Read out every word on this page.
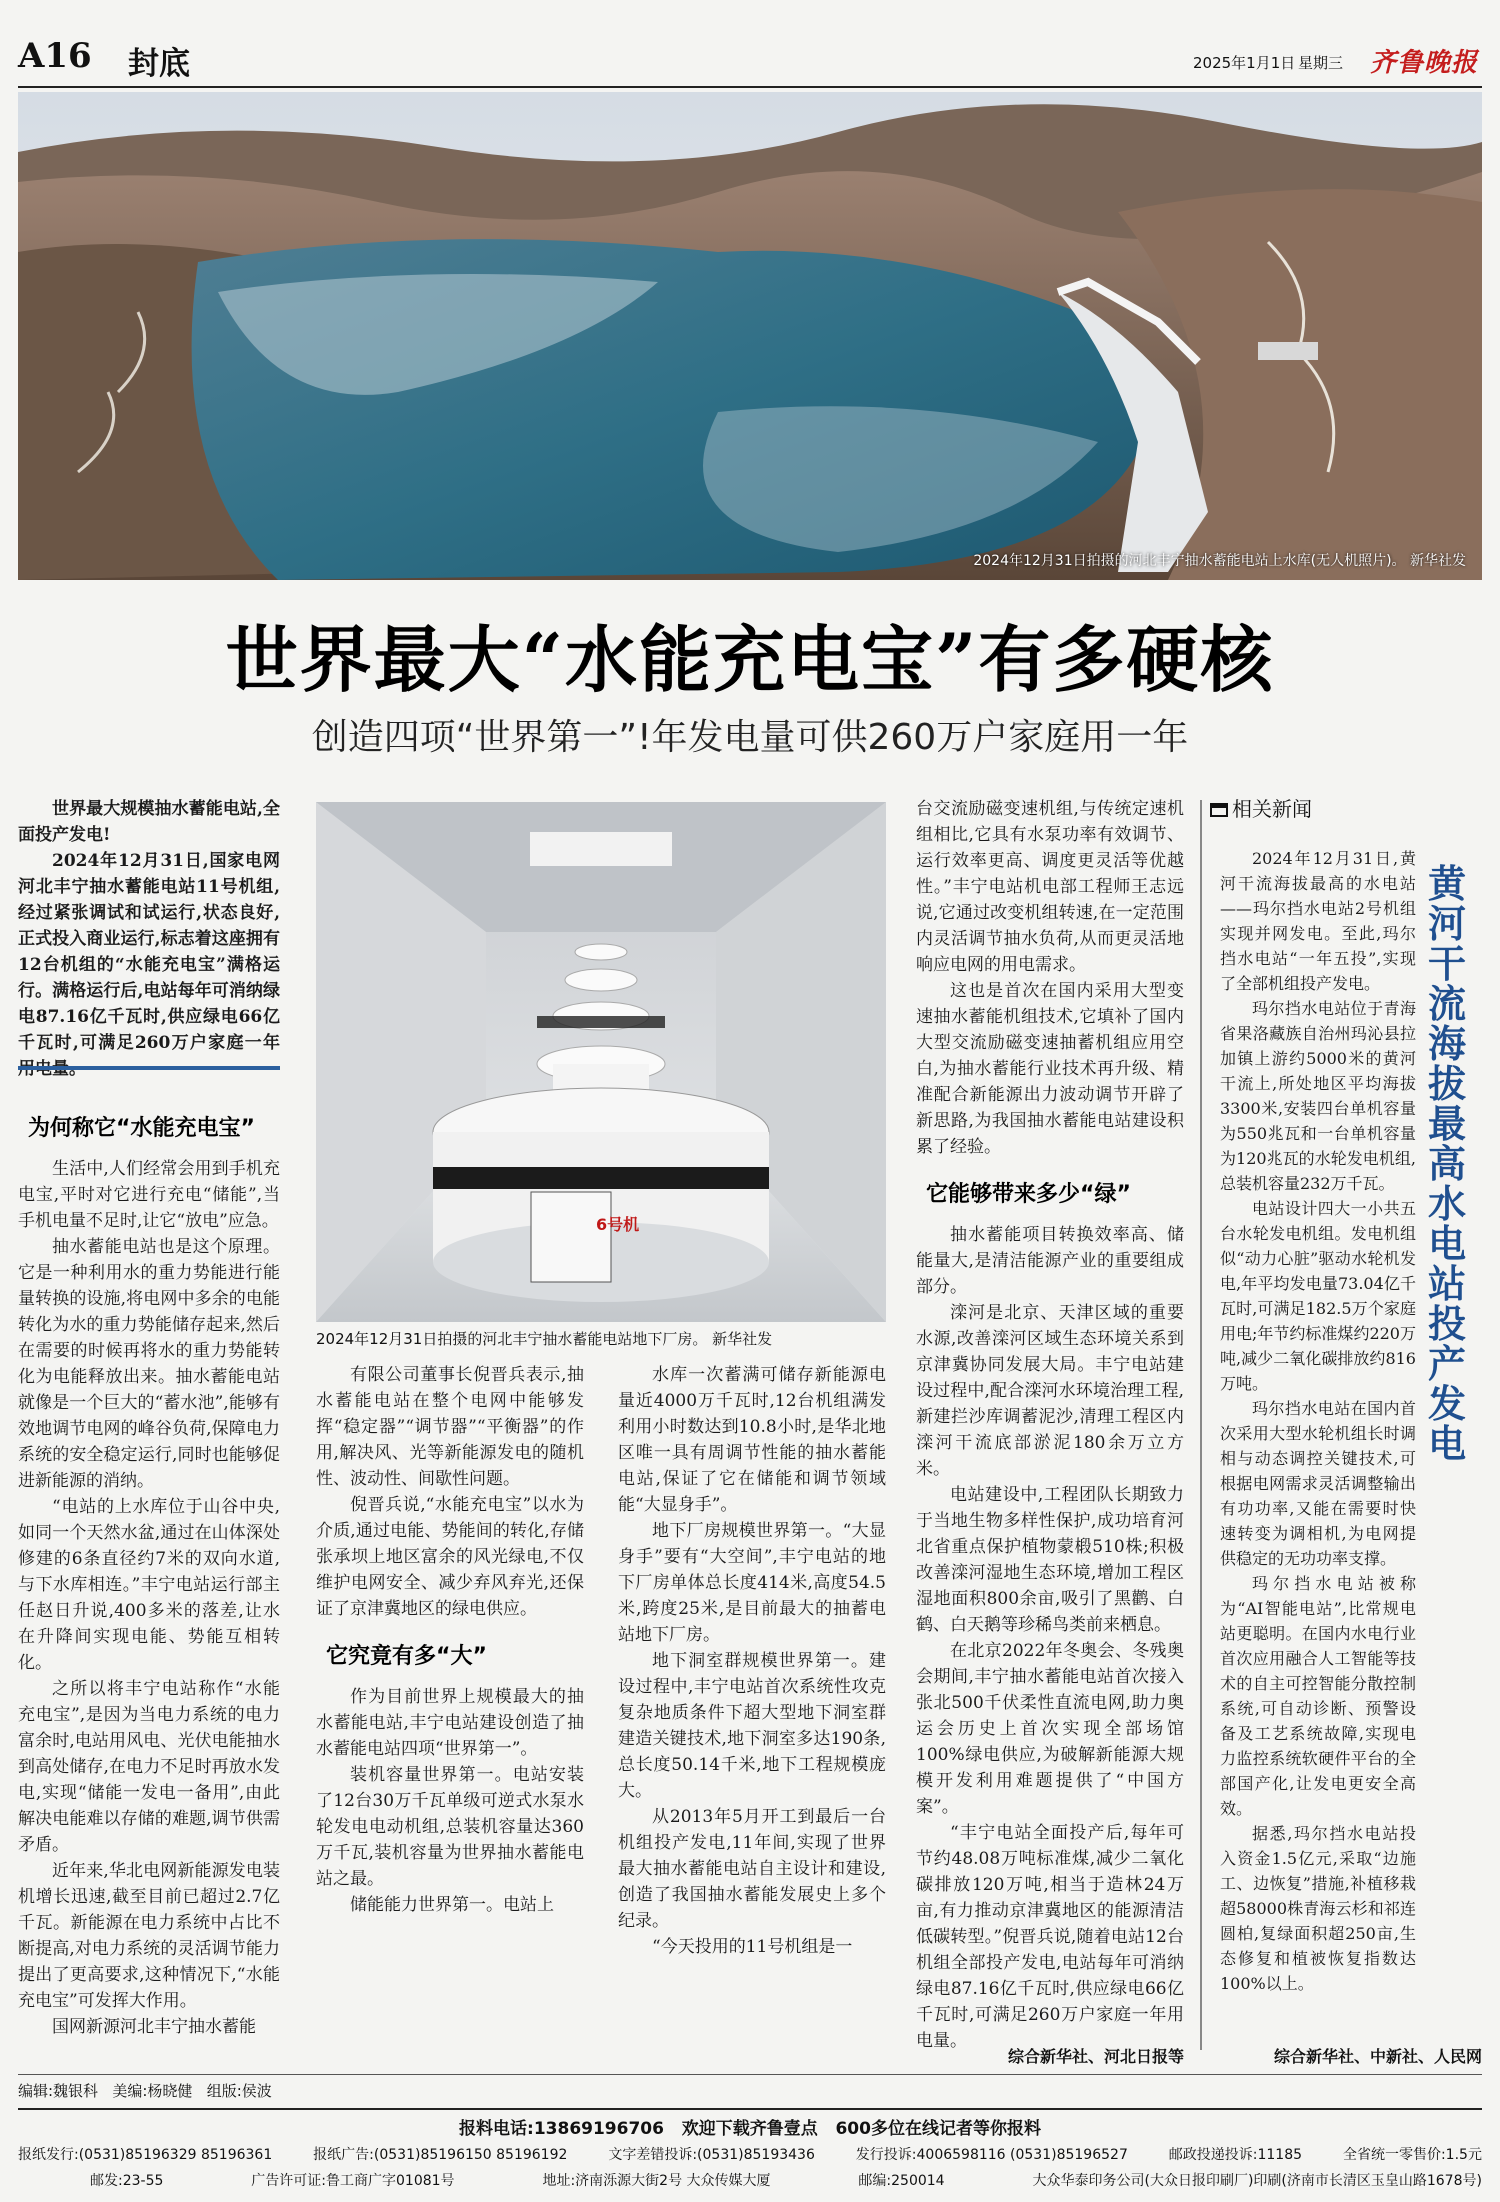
A16 封底	2025年1月1日 星期三 齐鲁晚报
2024年12月31日拍摄的河北丰宁抽水蓄能电站上水库(无人机照片)。 新华社发
世界最大“水能充电宝”有多硬核
创造四项“世界第一”!年发电量可供260万户家庭用一年

世界最大规模抽水蓄能电站,全面投产发电!

2024年12月31日,国家电网河北丰宁抽水蓄能电站11号机组,经过紧张调试和试运行,状态良好,正式投入商业运行,标志着这座拥有12台机组的“水能充电宝”满格运行。满格运行后,电站每年可消纳绿电87.16亿千瓦时,供应绿电66亿千瓦时,可满足260万户家庭一年

为何称它“水能充电宝”

生活中,人们经常会用到手机充电宝,平时对它进行充电“储能”,当手机电量不足时,让它“放电”应急。

抽水蓄能电站也是这个原理。它是一种利用水的重力势能进行能量转换的设施,将电网中多余的电能转化为水的重力势能储存起来,然后在需要的时候再将水的重力势能转化为电能释放出来。抽水蓄能电站就像是一个巨大的“蓄水池”,能够有效地调节电网的峰谷负荷,保障电力系统的安全稳定运行,同时也能够促进新能源的消纳。

“电站的上水库位于山谷中央,如同一个天然水盆,通过在山体深处修建的6条直径约7米的双向水道,与下水库相连。”丰宁电站运行部主任赵日升说,400多米的落差,让水在升降间实现电能、势能互相转化。

之所以将丰宁电站称作“水能充电宝”,是因为当电力系统的电力富余时,电站用风电、光伏电能抽水到高处储存,在电力不足时再放水发电,实现“储能一发电一备用”,由此解决电能难以存储的难题,调节供需矛盾。

近年来,华北电网新能源发电装机增长迅速,截至目前已超过2.7亿千瓦。新能源在电力系统中占比不断提高,对电力系统的灵活调节能力提出了更高要求,这种情况下,“水能充电宝”可发挥大作用。

国网新源河北丰宁抽水蓄能

6号机
2024年12月31日拍摄的河北丰宁抽水蓄能电站地下厂房。 新华社发

有限公司董事长倪晋兵表示,抽水蓄能电站在整个电网中能够发挥“稳定器”“调节器”“平衡器”的作用,解决风、光等新能源发电的随机性、波动性、间歇性问题。

倪晋兵说,“水能充电宝”以水为介质,通过电能、势能间的转化,存储张承坝上地区富余的风光绿电,不仅维护电网安全、减少弃风弃光,还保证了京津冀地区的绿电供应。

它究竟有多“大”

作为目前世界上规模最大的抽水蓄能电站,丰宁电站建设创造了抽水蓄能电站四项“世界第一”。

装机容量世界第一。电站安装了12台30万千瓦单级可逆式水泵水轮发电电动机组,总装机容量达360万千瓦,装机容量为世界抽水蓄能电站之最。

储能能力世界第一。电站上

水库一次蓄满可储存新能源电量近4000万千瓦时,12台机组满发利用小时数达到10.8小时,是华北地区唯一具有周调节性能的抽水蓄能电站,保证了它在储能和调节领域能“大显身手”。

地下厂房规模世界第一。“大显身手”要有“大空间”,丰宁电站的地下厂房单体总长度414米,高度54.5米,跨度25米,是目前最大的抽蓄电站地下厂房。

地下洞室群规模世界第一。建设过程中,丰宁电站首次系统性攻克复杂地质条件下超大型地下洞室群建造关键技术,地下洞室多达190条,总长度50.14千米,地下工程规模庞大。

从2013年5月开工到最后一台机组投产发电,11年间,实现了世界最大抽水蓄能电站自主设计和建设,创造了我国抽水蓄能发展史上多个纪录。

“今天投用的11号机组是一

台交流励磁变速机组,与传统定速机组相比,它具有水泵功率有效调节、运行效率更高、调度更灵活等优越性。”丰宁电站机电部工程师王志远说,它通过改变机组转速,在一定范围内灵活调节抽水负荷,从而更灵活地响应电网的用电需求。

这也是首次在国内采用大型变速抽水蓄能机组技术,它填补了国内大型交流励磁变速抽蓄机组应用空白,为抽水蓄能行业技术再升级、精准配合新能源出力波动调节开辟了新思路,为我国抽水蓄能电站建设积累了经验。

它能够带来多少“绿”

抽水蓄能项目转换效率高、储能量大,是清洁能源产业的重要组成部分。

滦河是北京、天津区域的重要水源,改善滦河区域生态环境关系到京津冀协同发展大局。丰宁电站建设过程中,配合滦河水环境治理工程,新建拦沙库调蓄泥沙,清理工程区内滦河干流底部淤泥180余万立方米。

电站建设中,工程团队长期致力于当地生物多样性保护,成功培育河北省重点保护植物蒙椴510株;积极改善滦河湿地生态环境,增加工程区湿地面积800余亩,吸引了黑鹳、白鹤、白天鹅等珍稀鸟类前来栖息。

在北京2022年冬奥会、冬残奥会期间,丰宁抽水蓄能电站首次接入张北500千伏柔性直流电网,助力奥运会历史上首次实现全部场馆100%绿电供应,为破解新能源大规模开发利用难题提供了“中国方案”。

“丰宁电站全面投产后,每年可节约48.08万吨标准煤,减少二氧化碳排放120万吨,相当于造林24万亩,有力推动京津冀地区的能源清洁低碳转型。”倪晋兵说,随着电站12台机组全部投产发电,电站每年可消纳绿电87.16亿千瓦时,供应绿电66亿千瓦时,可满足260万户家庭一年用电量。

综合新华社、河北日报等
相关新闻
黄河干流海拔最高水电站投产发电

2024年12月31日,黄河干流海拔最高的水电站——玛尔挡水电站2号机组实现并网发电。至此,玛尔挡水电站“一年五投”,实现了全部机组投产发电。

玛尔挡水电站位于青海省果洛藏族自治州玛沁县拉加镇上游约5000米的黄河干流上,所处地区平均海拔3300米,安装四台单机容量为550兆瓦和一台单机容量为120兆瓦的水轮发电机组,总装机容量232万千瓦。

电站设计四大一小共五台水轮发电机组。发电机组似“动力心脏”驱动水轮机发电,年平均发电量73.04亿千瓦时,可满足182.5万个家庭用电;年节约标准煤约220万吨,减少二氧化碳排放约816万吨。

玛尔挡水电站在国内首次采用大型水轮机组长时调相与动态调控关键技术,可根据电网需求灵活调整输出有功功率,又能在需要时快速转变为调相机,为电网提供稳定的无功功率支撑。

玛尔挡水电站被称为“AI智能电站”,比常规电站更聪明。在国内水电行业首次应用融合人工智能等技术的自主可控智能分散控制系统,可自动诊断、预警设备及工艺系统故障,实现电力监控系统软硬件平台的全部国产化,让发电更安全高效。

据悉,玛尔挡水电站投入资金1.5亿元,采取“边施工、边恢复”措施,补植移栽超58000株青海云杉和祁连圆柏,复绿面积超250亩,生态修复和植被恢复指数达100%以上。

综合新华社、中新社、人民网
编辑:魏银科   美编:杨晓健   组版:侯波
报料电话:13869196706   欢迎下载齐鲁壹点   600多位在线记者等你报料
报纸发行:(0531)85196329 85196361	报纸广告:(0531)85196150 85196192	文字差错投诉:(0531)85193436	发行投诉:4006598116 (0531)85196527	邮政投递投诉:11185	全省统一零售价:1.5元
邮发:23-55	广告许可证:鲁工商广字01081号	地址:济南泺源大街2号 大众传媒大厦	邮编:250014	大众华泰印务公司(大众日报印刷厂)印刷(济南市长清区玉皇山路1678号)
